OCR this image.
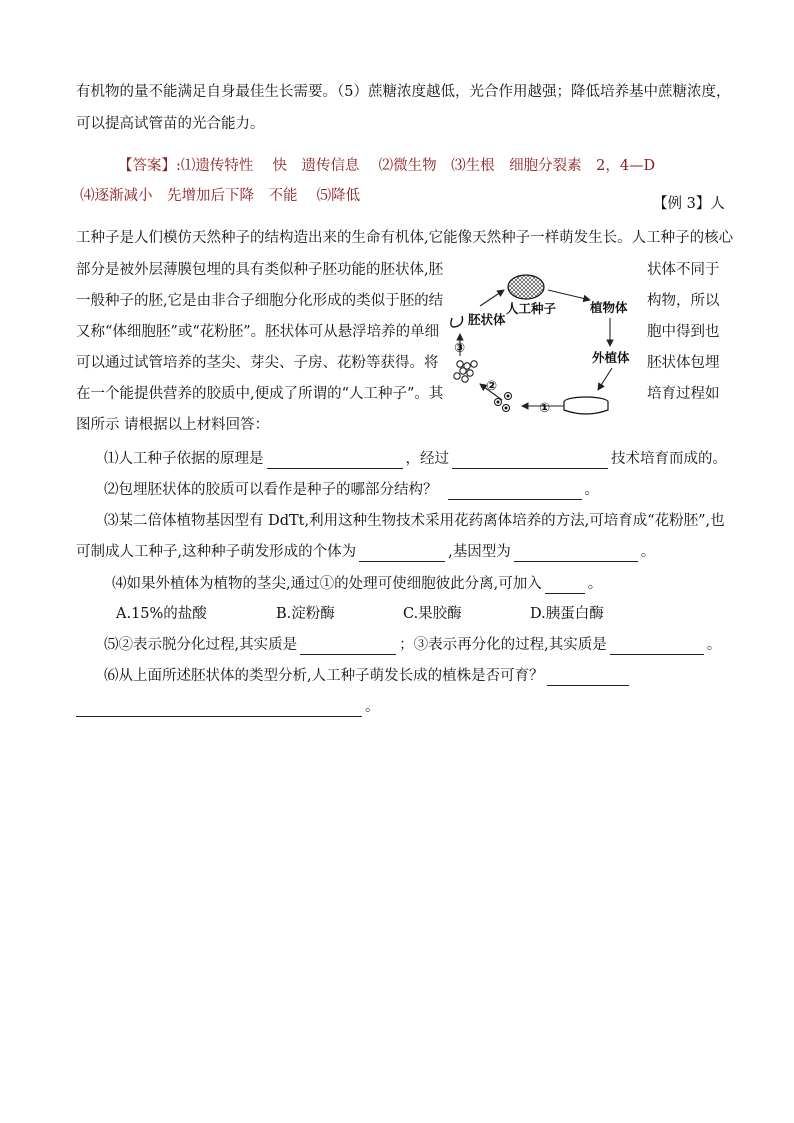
有机物的量不能满足自身最佳生长需要。（5）蔗糖浓度越低，光合作用越强；降低培养基中蔗糖浓度，
可以提高试管苗的光合能力。
【答案】:⑴遗传特性　 快　遗传信息　 ⑵微生物　⑶生根　细胞分裂素　2，4—D
⑷逐渐减小　先增加后下降　不能　 ⑸降低	【例 3】人
工种子是人们模仿天然种子的结构造出来的生命有机体,它能像天然种子一样萌发生长。人工种子的核心
部分是被外层薄膜包埋的具有类似种子胚功能的胚状体,胚
一般种子的胚,它是由非合子细胞分化形成的类似于胚的结
又称“体细胞胚”或“花粉胚”。胚状体可从悬浮培养的单细
可以通过试管培养的茎尖、芽尖、子房、花粉等获得。将
在一个能提供营养的胶质中,便成了所谓的“人工种子”。其
图所示 请根据以上材料回答：
状体不同于
构物，所以
胞中得到也
胚状体包埋
培育过程如
人工种子	植物体
外植体
①
②
③
胚状体
⑴人工种子依据的原理是	，经过	技术培育而成的。
⑵包埋胚状体的胶质可以看作是种子的哪部分结构？	。
⑶某二倍体植物基因型有 DdTt,利用这种生物技术采用花药离体培养的方法,可培育成“花粉胚”,也
可制成人工种子,这种种子萌发形成的个体为	,基因型为	。
⑷如果外植体为植物的茎尖,通过①的处理可使细胞彼此分离,可加入	。
A.15%的盐酸	B.淀粉酶	C.果胶酶	D.胰蛋白酶
⑸②表示脱分化过程,其实质是	；③表示再分化的过程,其实质是	。
⑹从上面所述胚状体的类型分析,人工种子萌发长成的植株是否可育？
。
